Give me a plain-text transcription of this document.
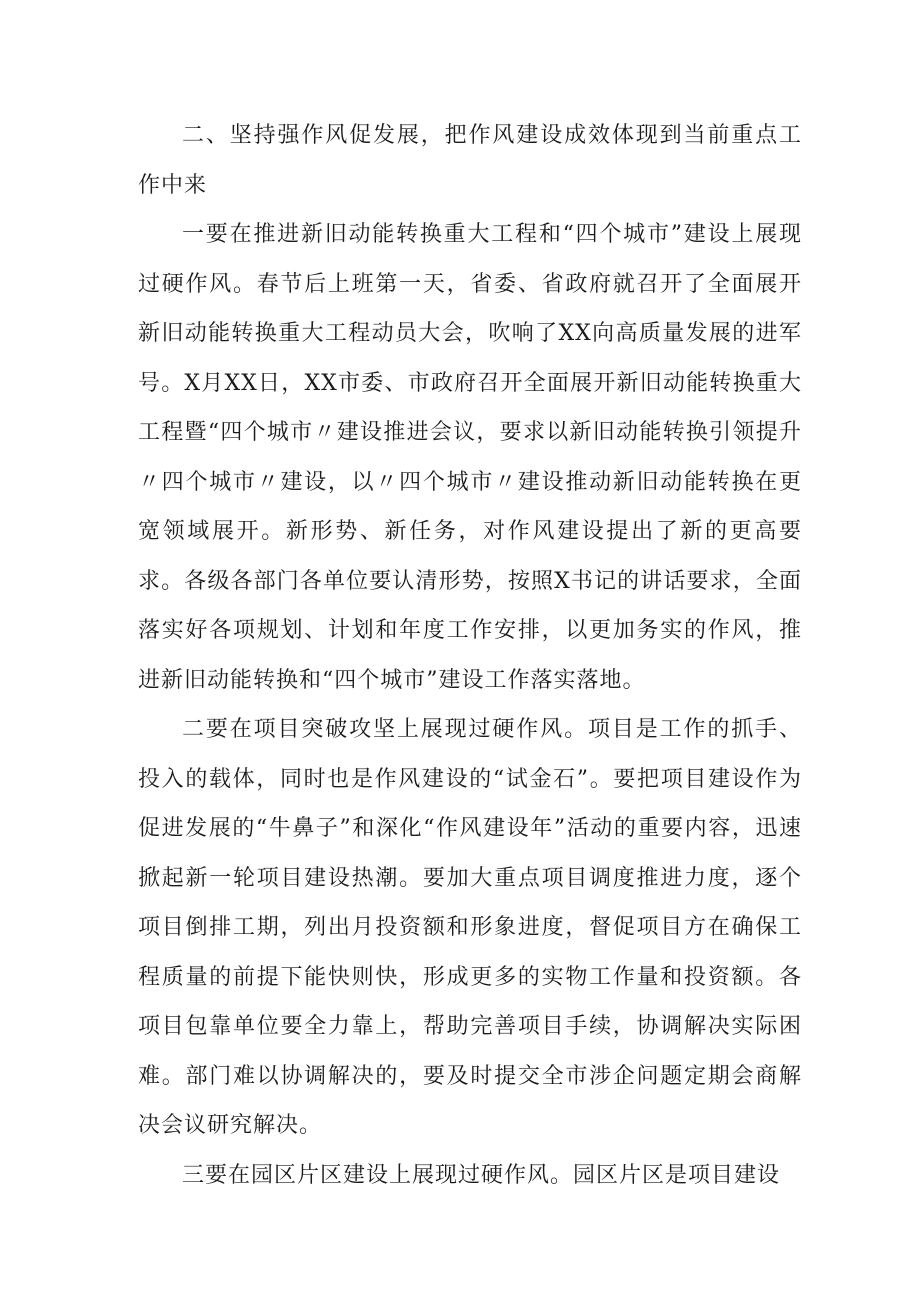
二、坚持强作风促发展，把作风建设成效体现到当前重点工作中来

一要在推进新旧动能转换重大工程和“四个城市”建设上展现过硬作风。春节后上班第一天，省委、省政府就召开了全面展开新旧动能转换重大工程动员大会，吹响了XX向高质量发展的进军号。X月XX日，XX市委、市政府召开全面展开新旧动能转换重大工程暨“四个城市〃建设推进会议，要求以新旧动能转换引领提升〃四个城市〃建设，以〃四个城市〃建设推动新旧动能转换在更宽领域展开。新形势、新任务，对作风建设提出了新的更高要求。各级各部门各单位要认清形势，按照X书记的讲话要求，全面落实好各项规划、计划和年度工作安排，以更加务实的作风，推进新旧动能转换和“四个城市”建设工作落实落地。

二要在项目突破攻坚上展现过硬作风。项目是工作的抓手、投入的载体，同时也是作风建设的“试金石”。要把项目建设作为促进发展的“牛鼻子”和深化“作风建设年”活动的重要内容，迅速掀起新一轮项目建设热潮。要加大重点项目调度推进力度，逐个项目倒排工期，列出月投资额和形象进度，督促项目方在确保工程质量的前提下能快则快，形成更多的实物工作量和投资额。各项目包靠单位要全力靠上，帮助完善项目手续，协调解决实际困难。部门难以协调解决的，要及时提交全市涉企问题定期会商解决会议研究解决。

三要在园区片区建设上展现过硬作风。园区片区是项目建设
